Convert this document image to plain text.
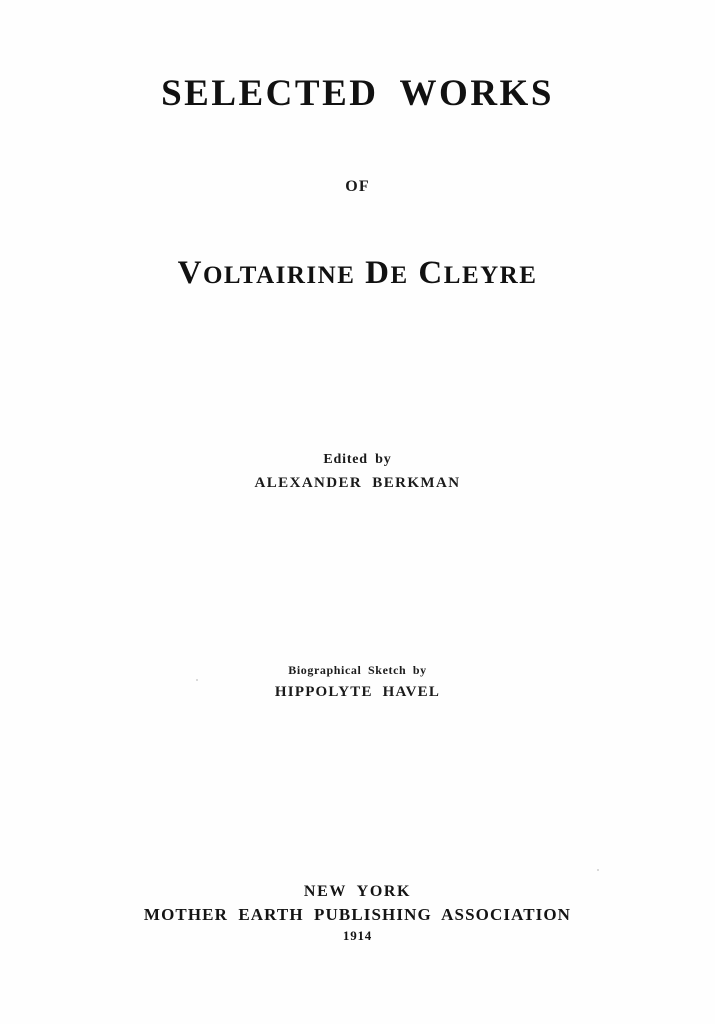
SELECTED WORKS
OF
VOLTAIRINE DE CLEYRE
Edited by
ALEXANDER BERKMAN
Biographical Sketch by
HIPPOLYTE HAVEL
NEW YORK
MOTHER EARTH PUBLISHING ASSOCIATION
1914
